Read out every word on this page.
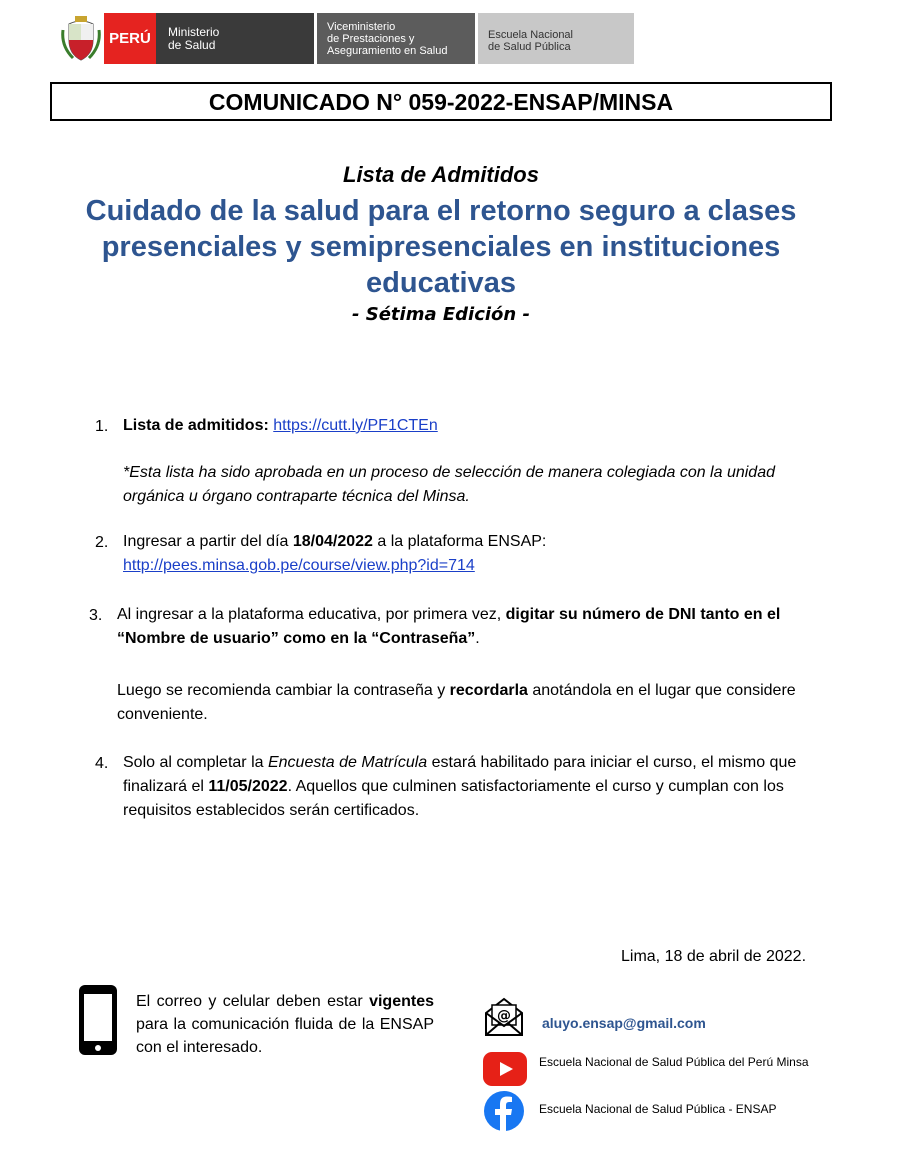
PERÚ	Ministerio
de Salud
Viceministerio
de Prestaciones y
Aseguramiento en Salud
Escuela Nacional
de Salud Pública
COMUNICADO N° 059-2022-ENSAP/MINSA
Lista de Admitidos
Cuidado de la salud para el retorno seguro a clases presenciales y semipresenciales en instituciones educativas
- Sétima Edición -
1. Lista de admitidos: https://cutt.ly/PF1CTEn
*Esta lista ha sido aprobada en un proceso de selección de manera colegiada con la unidad orgánica u órgano contraparte técnica del Minsa.
2. Ingresar a partir del día 18/04/2022 a la plataforma ENSAP:
http://pees.minsa.gob.pe/course/view.php?id=714
3. Al ingresar a la plataforma educativa, por primera vez, digitar su número de DNI tanto en el “Nombre de usuario” como en la “Contraseña”.
Luego se recomienda cambiar la contraseña y recordarla anotándola en el lugar que considere conveniente.
4. Solo al completar la Encuesta de Matrícula estará habilitado para iniciar el curso, el mismo que finalizará el 11/05/2022. Aquellos que culminen satisfactoriamente el curso y cumplan con los requisitos establecidos serán certificados.
Lima, 18 de abril de 2022.
El correo y celular deben estar vigentes para la comunicación fluida de la ENSAP con el interesado.
@ aluyo.ensap@gmail.com
Escuela Nacional de Salud Pública del Perú Minsa
Escuela Nacional de Salud Pública - ENSAP
